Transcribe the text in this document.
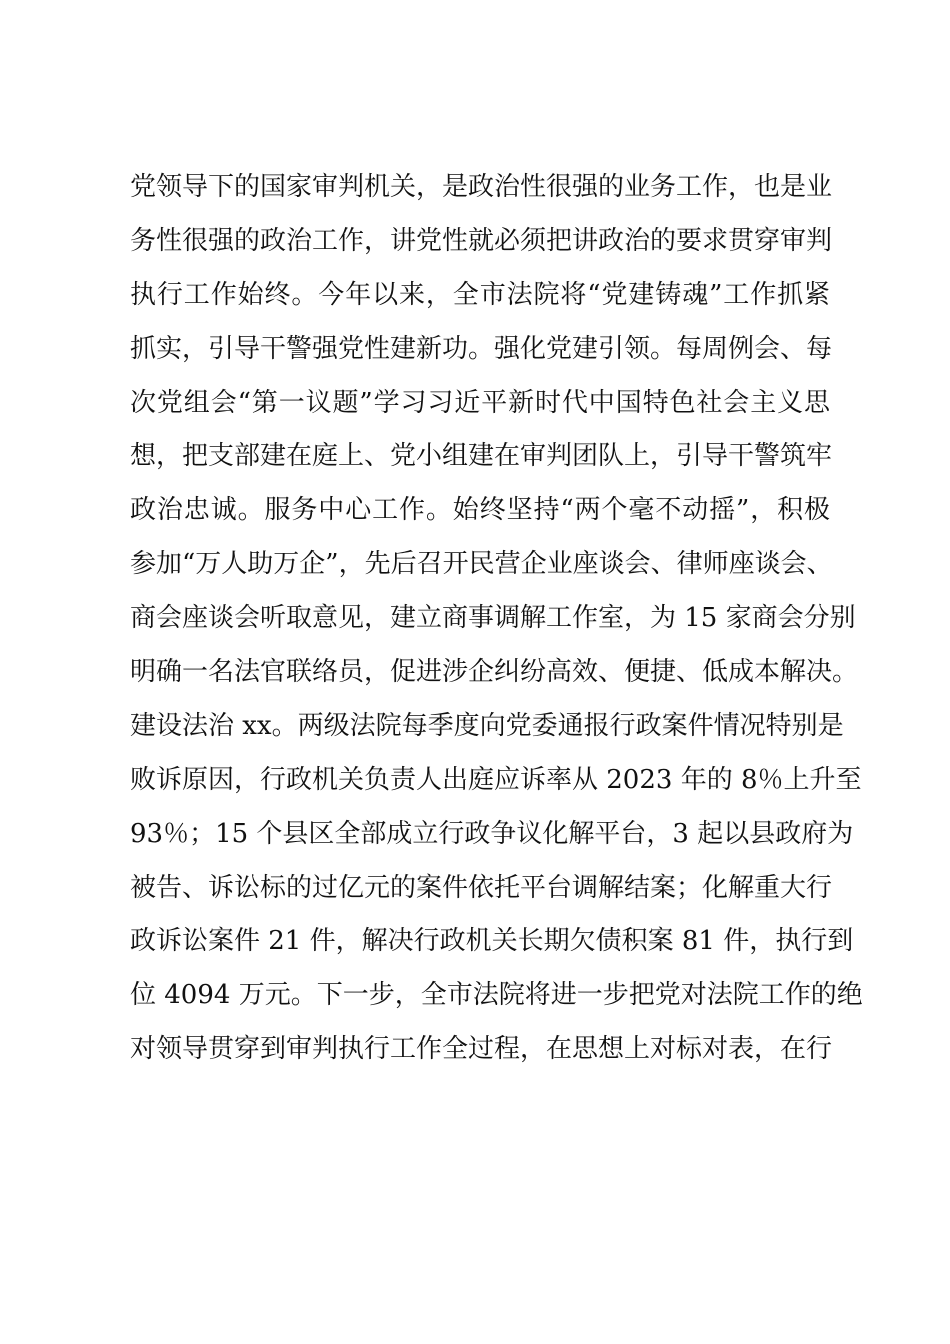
党领导下的国家审判机关，是政治性很强的业务工作，也是业
务性很强的政治工作，讲党性就必须把讲政治的要求贯穿审判
执行工作始终。今年以来，全市法院将“党建铸魂”工作抓紧
抓实，引导干警强党性建新功。强化党建引领。每周例会、每
次党组会“第一议题”学习习近平新时代中国特色社会主义思
想，把支部建在庭上、党小组建在审判团队上，引导干警筑牢
政治忠诚。服务中心工作。始终坚持“两个毫不动摇”，积极
参加“万人助万企”，先后召开民营企业座谈会、律师座谈会、
商会座谈会听取意见，建立商事调解工作室，为 15 家商会分别
明确一名法官联络员，促进涉企纠纷高效、便捷、低成本解决。
建设法治 xx。两级法院每季度向党委通报行政案件情况特别是
败诉原因，行政机关负责人出庭应诉率从 2023 年的 8％上升至
93％；15 个县区全部成立行政争议化解平台，3 起以县政府为
被告、诉讼标的过亿元的案件依托平台调解结案；化解重大行
政诉讼案件 21 件，解决行政机关长期欠债积案 81 件，执行到
位 4094 万元。下一步，全市法院将进一步把党对法院工作的绝
对领导贯穿到审判执行工作全过程，在思想上对标对表，在行
